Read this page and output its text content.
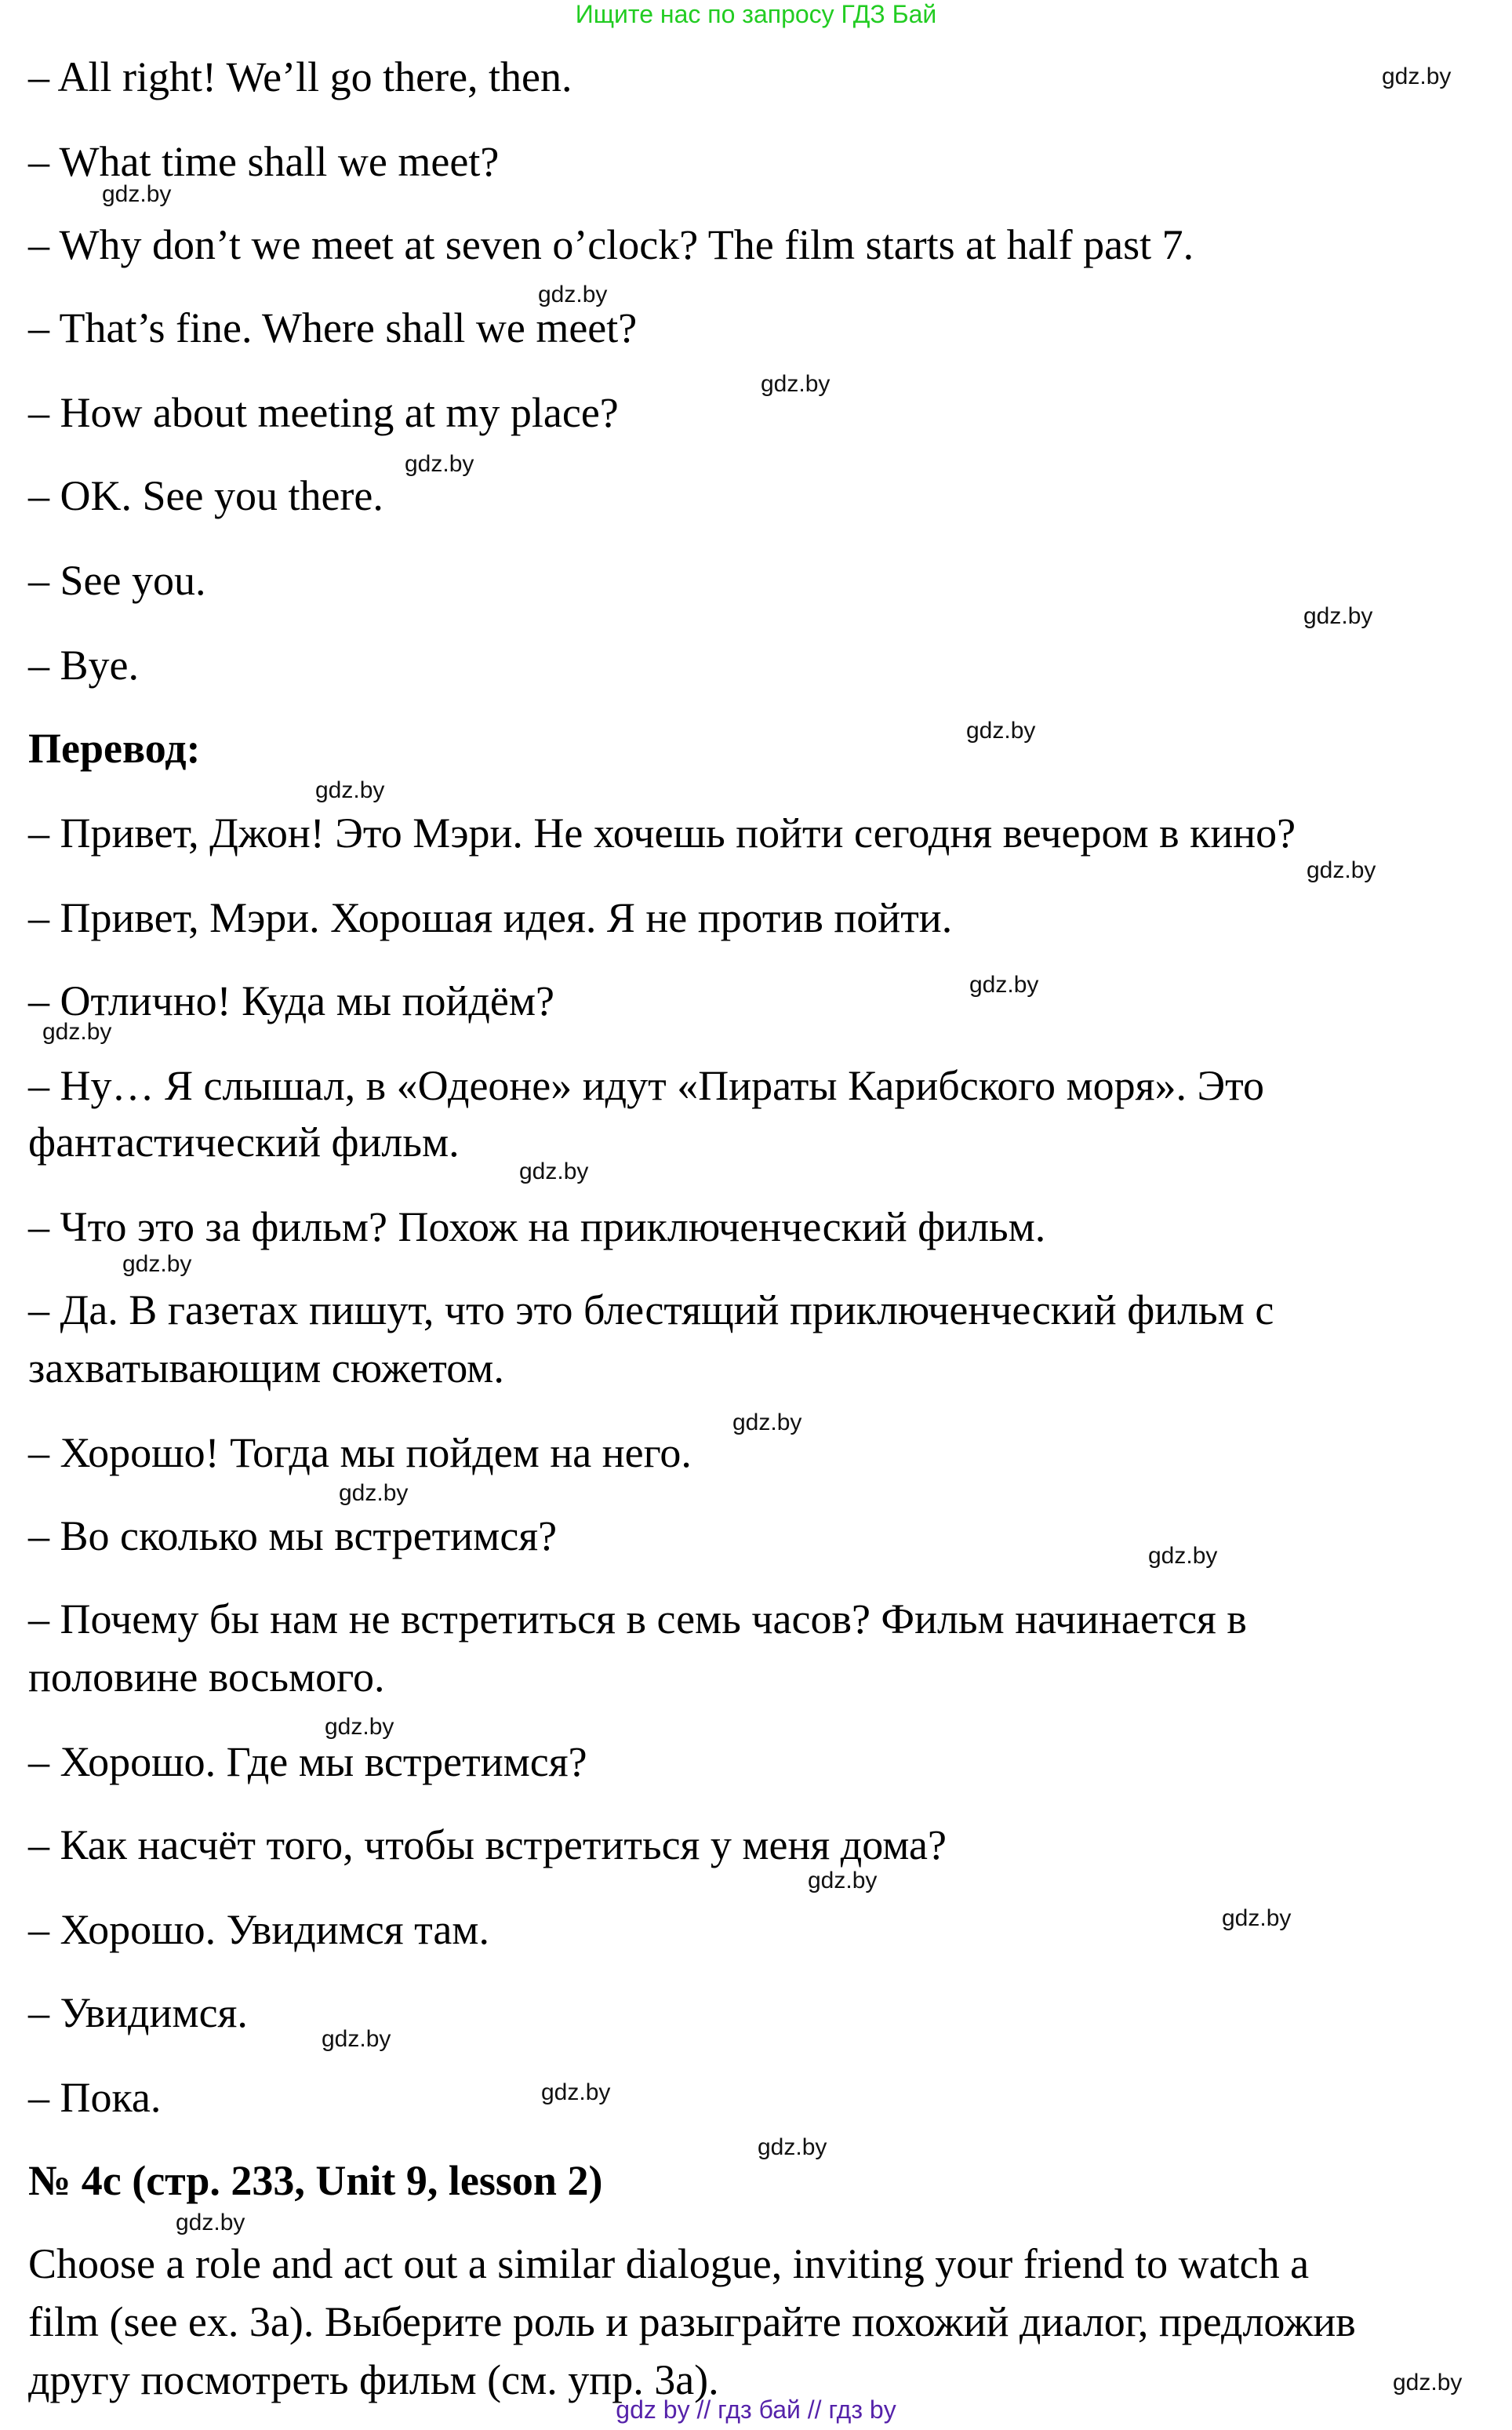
Ищите нас по запросу ГДЗ Бай
– All right! We’ll go there, then.
– What time shall we meet?
– Why don’t we meet at seven o’clock? The film starts at half past 7.
– That’s fine. Where shall we meet?
– How about meeting at my place?
– OK. See you there.
– See you.
– Bye.
Перевод:
– Привет, Джон! Это Мэри. Не хочешь пойти сегодня вечером в кино?
– Привет, Мэри. Хорошая идея. Я не против пойти.
– Отлично! Куда мы пойдём?
– Ну… Я слышал, в «Одеоне» идут «Пираты Карибского моря». Это
фантастический фильм.
– Что это за фильм? Похож на приключенческий фильм.
– Да. В газетах пишут, что это блестящий приключенческий фильм с
захватывающим сюжетом.
– Хорошо! Тогда мы пойдем на него.
– Во сколько мы встретимся?
– Почему бы нам не встретиться в семь часов? Фильм начинается в
половине восьмого.
– Хорошо. Где мы встретимся?
– Как насчёт того, чтобы встретиться у меня дома?
– Хорошо. Увидимся там.
– Увидимся.
– Пока.
№ 4c (стр. 233, Unit 9, lesson 2)
Choose a role and act out a similar dialogue, inviting your friend to watch a
film (see ex. 3a). Выберите роль и разыграйте похожий диалог, предложив
другу посмотреть фильм (см. упр. 3а).
gdz.by
gdz.by
gdz.by
gdz.by
gdz.by
gdz.by
gdz.by
gdz.by
gdz.by
gdz.by
gdz.by
gdz.by
gdz.by
gdz.by
gdz.by
gdz.by
gdz.by
gdz.by
gdz.by
gdz.by
gdz.by
gdz.by
gdz.by
gdz.by
gdz by // гдз бай // гдз by
